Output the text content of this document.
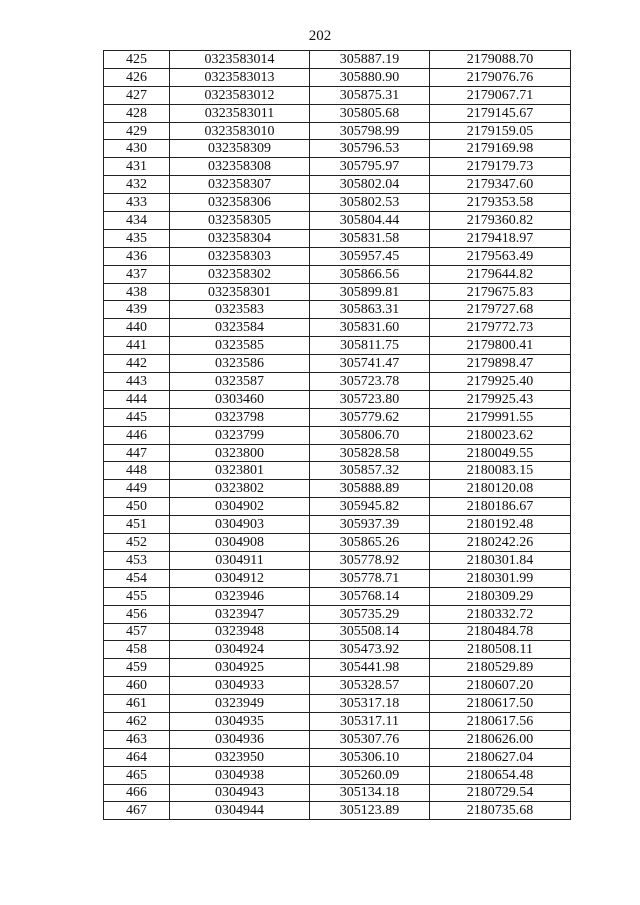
202
425	0323583014	305887.19	2179088.70
426	0323583013	305880.90	2179076.76
427	0323583012	305875.31	2179067.71
428	0323583011	305805.68	2179145.67
429	0323583010	305798.99	2179159.05
430	032358309	305796.53	2179169.98
431	032358308	305795.97	2179179.73
432	032358307	305802.04	2179347.60
433	032358306	305802.53	2179353.58
434	032358305	305804.44	2179360.82
435	032358304	305831.58	2179418.97
436	032358303	305957.45	2179563.49
437	032358302	305866.56	2179644.82
438	032358301	305899.81	2179675.83
439	0323583	305863.31	2179727.68
440	0323584	305831.60	2179772.73
441	0323585	305811.75	2179800.41
442	0323586	305741.47	2179898.47
443	0323587	305723.78	2179925.40
444	0303460	305723.80	2179925.43
445	0323798	305779.62	2179991.55
446	0323799	305806.70	2180023.62
447	0323800	305828.58	2180049.55
448	0323801	305857.32	2180083.15
449	0323802	305888.89	2180120.08
450	0304902	305945.82	2180186.67
451	0304903	305937.39	2180192.48
452	0304908	305865.26	2180242.26
453	0304911	305778.92	2180301.84
454	0304912	305778.71	2180301.99
455	0323946	305768.14	2180309.29
456	0323947	305735.29	2180332.72
457	0323948	305508.14	2180484.78
458	0304924	305473.92	2180508.11
459	0304925	305441.98	2180529.89
460	0304933	305328.57	2180607.20
461	0323949	305317.18	2180617.50
462	0304935	305317.11	2180617.56
463	0304936	305307.76	2180626.00
464	0323950	305306.10	2180627.04
465	0304938	305260.09	2180654.48
466	0304943	305134.18	2180729.54
467	0304944	305123.89	2180735.68
